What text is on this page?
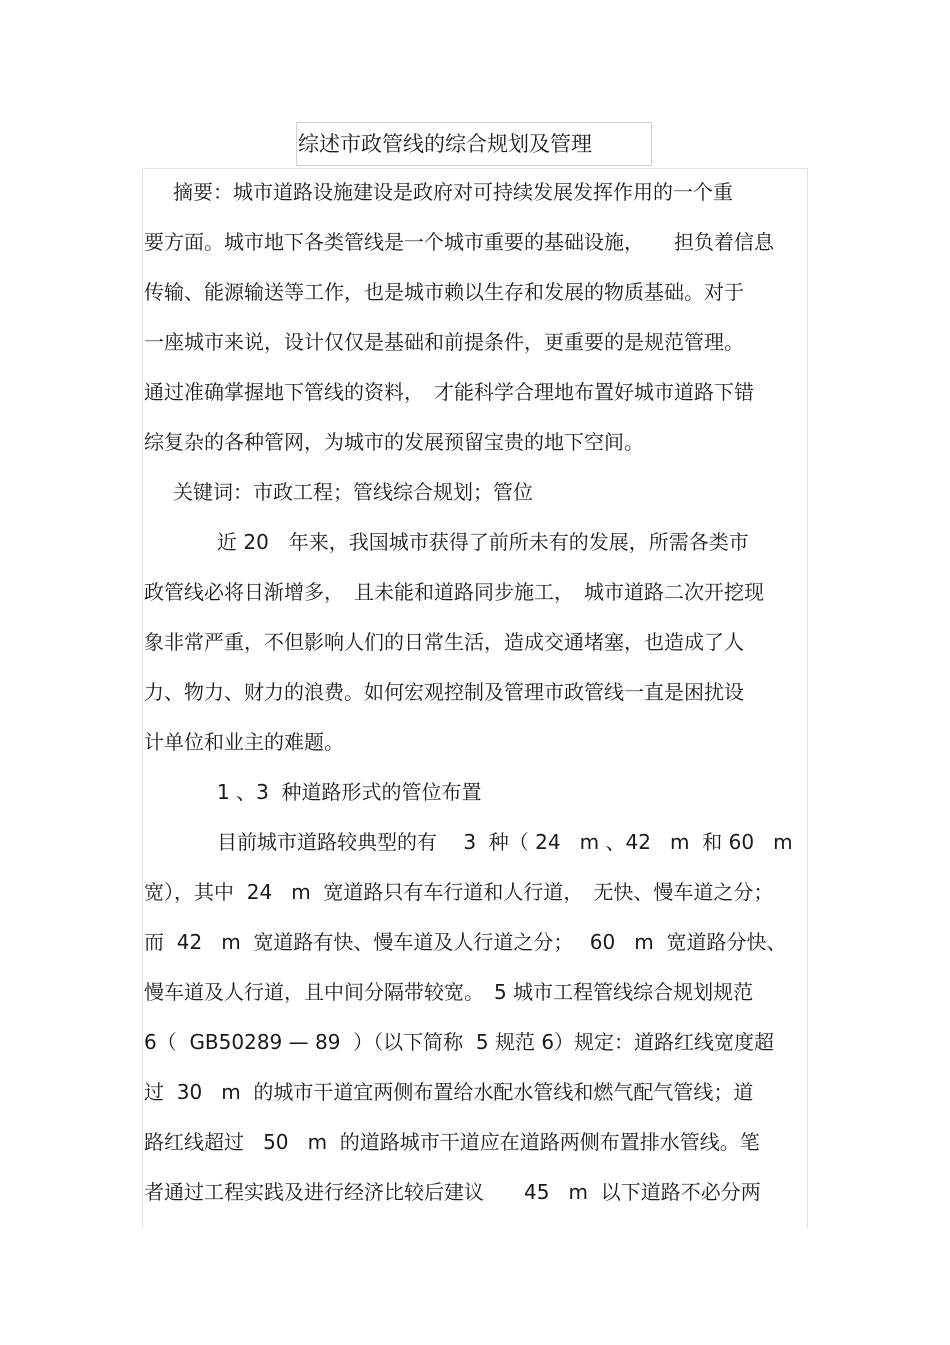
综述市政管线的综合规划及管理

摘要：城市道路设施建设是政府对可持续发展发挥作用的一个重

要方面。城市地下各类管线是一个城市重要的基础设施，　　担负着信息

传输、能源输送等工作，也是城市赖以生存和发展的物质基础。对于

一座城市来说，设计仅仅是基础和前提条件，更重要的是规范管理。

通过准确掌握地下管线的资料，　才能科学合理地布置好城市道路下错

综复杂的各种管网，为城市的发展预留宝贵的地下空间。

关键词：市政工程；管线综合规划；管位

近 20　年来，我国城市获得了前所未有的发展，所需各类市

政管线必将日渐增多，　且未能和道路同步施工，　城市道路二次开挖现

象非常严重，不但影响人们的日常生活，造成交通堵塞，也造成了人

力、物力、财力的浪费。如何宏观控制及管理市政管线一直是困扰设

计单位和业主的难题。

1 、3  种道路形式的管位布置

目前城市道路较典型的有　 3  种（ 24   m 、42   m  和 60   m

宽），其中  24   m  宽道路只有车行道和人行道，　无快、慢车道之分；

而  42   m  宽道路有快、慢车道及人行道之分；　 60   m  宽道路分快、

慢车道及人行道，且中间分隔带较宽。　5 城市工程管线综合规划规范

6（  GB50289 — 89  ）（以下简称  5 规范 6）规定：道路红线宽度超

过  30   m  的城市干道宜两侧布置给水配水管线和燃气配气管线；道

路红线超过   50   m  的道路城市干道应在道路两侧布置排水管线。笔

者通过工程实践及进行经济比较后建议　　45   m  以下道路不必分两
